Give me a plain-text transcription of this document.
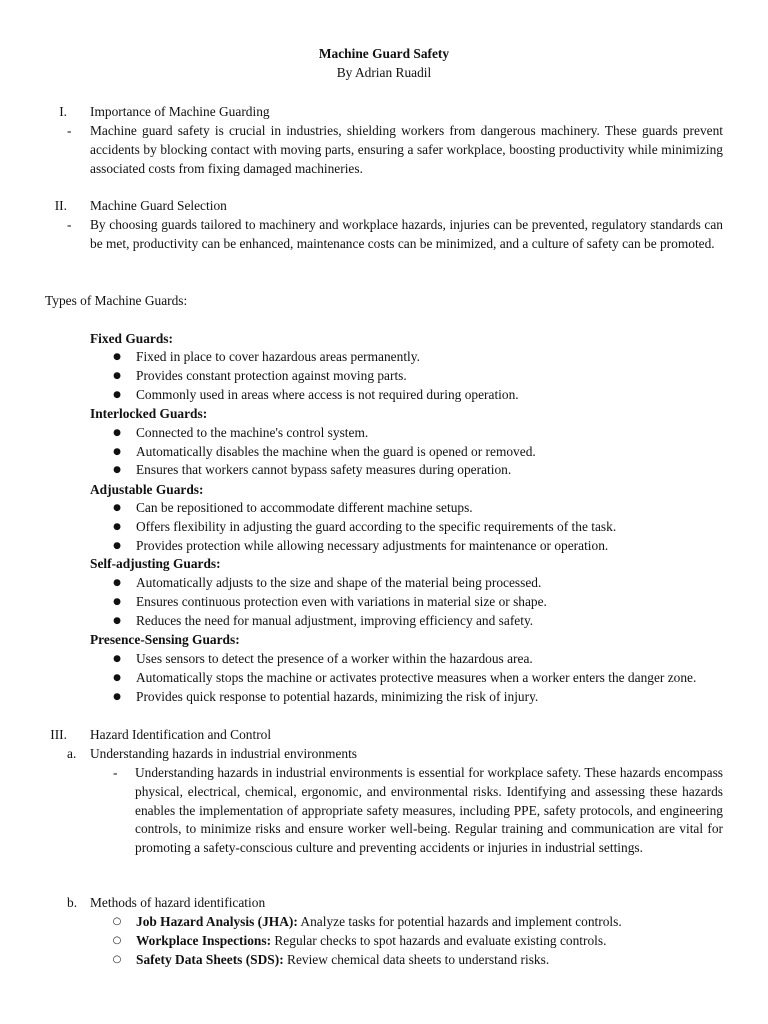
Machine Guard Safety
By Adrian Ruadil
I. Importance of Machine Guarding
- Machine guard safety is crucial in industries, shielding workers from dangerous machinery. These guards prevent accidents by blocking contact with moving parts, ensuring a safer workplace, boosting productivity while minimizing associated costs from fixing damaged machineries.
II. Machine Guard Selection
- By choosing guards tailored to machinery and workplace hazards, injuries can be prevented, regulatory standards can be met, productivity can be enhanced, maintenance costs can be minimized, and a culture of safety can be promoted.
Types of Machine Guards:
Fixed Guards:
● Fixed in place to cover hazardous areas permanently.
● Provides constant protection against moving parts.
● Commonly used in areas where access is not required during operation.
Interlocked Guards:
● Connected to the machine's control system.
● Automatically disables the machine when the guard is opened or removed.
● Ensures that workers cannot bypass safety measures during operation.
Adjustable Guards:
● Can be repositioned to accommodate different machine setups.
● Offers flexibility in adjusting the guard according to the specific requirements of the task.
● Provides protection while allowing necessary adjustments for maintenance or operation.
Self-adjusting Guards:
● Automatically adjusts to the size and shape of the material being processed.
● Ensures continuous protection even with variations in material size or shape.
● Reduces the need for manual adjustment, improving efficiency and safety.
Presence-Sensing Guards:
● Uses sensors to detect the presence of a worker within the hazardous area.
● Automatically stops the machine or activates protective measures when a worker enters the danger zone.
● Provides quick response to potential hazards, minimizing the risk of injury.
III. Hazard Identification and Control
a. Understanding hazards in industrial environments
- Understanding hazards in industrial environments is essential for workplace safety. These hazards encompass physical, electrical, chemical, ergonomic, and environmental risks. Identifying and assessing these hazards enables the implementation of appropriate safety measures, including PPE, safety protocols, and engineering controls, to minimize risks and ensure worker well-being. Regular training and communication are vital for promoting a safety-conscious culture and preventing accidents or injuries in industrial settings.
b. Methods of hazard identification
○ Job Hazard Analysis (JHA): Analyze tasks for potential hazards and implement controls.
○ Workplace Inspections: Regular checks to spot hazards and evaluate existing controls.
○ Safety Data Sheets (SDS): Review chemical data sheets to understand risks.
